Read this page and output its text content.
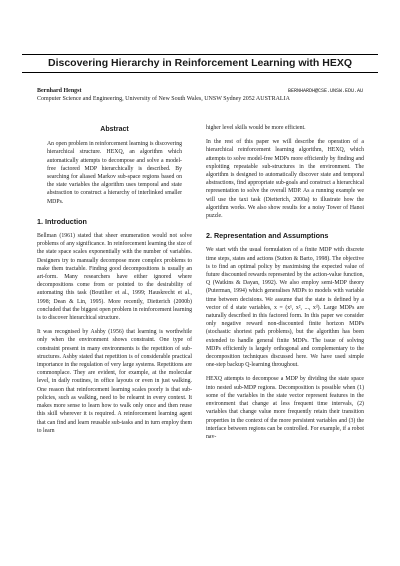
Discovering Hierarchy in Reinforcement Learning with HEXQ
Bernhard Hengst	BERNHARDH@CSE.UNSW.EDU.AU
Computer Science and Engineering, University of New South Wales, UNSW Sydney 2052 AUSTRALIA
Abstract

An open problem in reinforcement learning is discovering hierarchical structure. HEXQ, an algorithm which automatically attempts to decompose and solve a model-free factored MDP hierarchically is described. By searching for aliased Markov sub-space regions based on the state variables the algorithm uses temporal and state abstraction to construct a hierarchy of interlinked smaller MDPs.

1. Introduction

Bellman (1961) stated that sheer enumeration would not solve problems of any significance. In reinforcement learning the size of the state space scales exponentially with the number of variables. Designers try to manually decompose more complex problems to make them tractable. Finding good decompositions is usually an art-form. Many researchers have either ignored where decompositions come from or pointed to the desirability of automating this task (Boutilier et al., 1999; Hauskrecht et al., 1998; Dean & Lin, 1995). More recently, Dietterich (2000b) concluded that the biggest open problem in reinforcement learning is to discover hierarchical structure.

It was recognised by Ashby (1956) that learning is worthwhile only when the environment shows constraint. One type of constraint present in many environments is the repetition of sub-structures. Ashby stated that repetition is of considerable practical importance in the regulation of very large systems. Repetitions are commonplace. They are evident, for example, at the molecular level, in daily routines, in office layouts or even in just walking. One reason that reinforcement learning scales poorly is that sub-policies, such as walking, need to be relearnt in every context. It makes more sense to learn how to walk only once and then reuse this skill wherever it is required. A reinforcement learning agent that can find and learn reusable sub-tasks and in turn employ them to learn

higher level skills would be more efficient.

In the rest of this paper we will describe the operation of a hierarchical reinforcement learning algorithm, HEXQ, which attempts to solve model-free MDPs more efficiently by finding and exploiting repeatable sub-structures in the environment. The algorithm is designed to automatically discover state and temporal abstractions, find appropriate sub-goals and construct a hierarchical representation to solve the overall MDP. As a running example we will use the taxi task (Dietterich, 2000a) to illustrate how the algorithm works. We also show results for a noisy Tower of Hanoi puzzle.

2. Representation and Assumptions

We start with the usual formulation of a finite MDP with discrete time steps, states and actions (Sutton & Barto, 1998). The objective is to find an optimal policy by maximising the expected value of future discounted rewards represented by the action-value function, Q (Watkins & Dayan, 1992). We also employ semi-MDP theory (Puterman, 1994) which generalises MDPs to models with variable time between decisions. We assume that the state is defined by a vector of d state variables, x = (x¹, x², ..., xᵈ). Large MDPs are naturally described in this factored form. In this paper we consider only negative reward non-discounted finite horizon MDPs (stochastic shortest path problems), but the algorithm has been extended to handle general finite MDPs. The issue of solving MDPs efficiently is largely orthogonal and complementary to the decomposition techniques discussed here. We have used simple one-step backup Q-learning throughout.

HEXQ attempts to decompose a MDP by dividing the state space into nested sub-MDP regions. Decomposition is possible when (1) some of the variables in the state vector represent features in the environment that change at less frequent time intervals, (2) variables that change value more frequently retain their transition properties in the context of the more persistent variables and (3) the interface between regions can be controlled. For example, if a robot nav-
